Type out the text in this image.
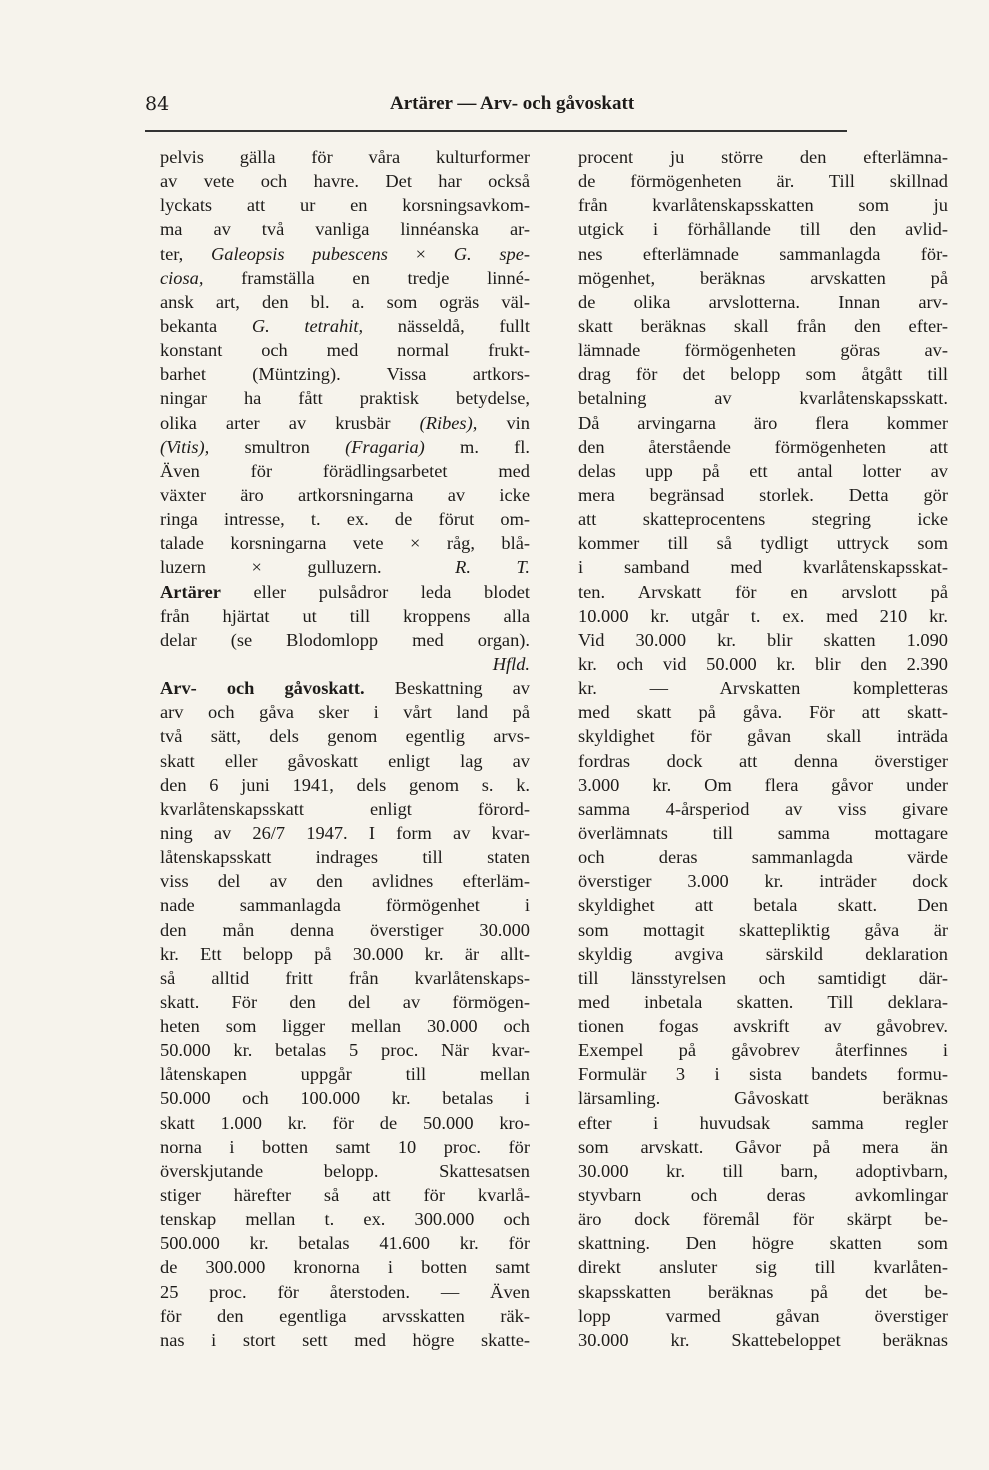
84	Artärer — Arv- och gåvoskatt
pelvis gälla för våra kulturformer
av vete och havre. Det har också
lyckats att ur en korsningsavkom-
ma av två vanliga linnéanska ar-
ter, Galeopsis pubescens × G. spe-
ciosa, framställa en tredje linné-
ansk art, den bl. a. som ogräs väl-
bekanta G. tetrahit, nässeldå, fullt
konstant och med normal frukt-
barhet (Müntzing). Vissa artkors-
ningar ha fått praktisk betydelse,
olika arter av krusbär (Ribes), vin
(Vitis), smultron (Fragaria) m. fl.
Även för förädlingsarbetet med
växter äro artkorsningarna av icke
ringa intresse, t. ex. de förut om-
talade korsningarna vete × råg, blå-
luzern × gulluzern.    	R. T.
Artärer eller pulsådror leda blodet
från hjärtat ut till kroppens alla
delar (se Blodomlopp med organ).
Hfld.
Arv- och gåvoskatt. Beskattning av
arv och gåva sker i vårt land på
två sätt, dels genom egentlig arvs-
skatt eller gåvoskatt enligt lag av
den 6 juni 1941, dels genom s. k.
kvarlåtenskapsskatt enligt förord-
ning av 26/7 1947. I form av kvar-
låtenskapsskatt indrages till staten
viss del av den avlidnes efterläm-
nade sammanlagda förmögenhet i
den mån denna överstiger 30.000
kr. Ett belopp på 30.000 kr. är allt-
så alltid fritt från kvarlåtenskaps-
skatt. För den del av förmögen-
heten som ligger mellan 30.000 och
50.000 kr. betalas 5 proc. När kvar-
låtenskapen uppgår till mellan
50.000 och 100.000 kr. betalas i
skatt 1.000 kr. för de 50.000 kro-
norna i botten samt 10 proc. för
överskjutande belopp. Skattesatsen
stiger härefter så att för kvarlå-
tenskap mellan t. ex. 300.000 och
500.000 kr. betalas 41.600 kr. för
de 300.000 kronorna i botten samt
25 proc. för återstoden. — Även
för den egentliga arvsskatten räk-
nas i stort sett med högre skatte-
procent ju större den efterlämna-
de förmögenheten är. Till skillnad
från kvarlåtenskapsskatten som ju
utgick i förhållande till den avlid-
nes efterlämnade sammanlagda för-
mögenhet, beräknas arvskatten på
de olika arvslotterna. Innan arv-
skatt beräknas skall från den efter-
lämnade förmögenheten göras av-
drag för det belopp som åtgått till
betalning av kvarlåtenskapsskatt.
Då arvingarna äro flera kommer
den återstående förmögenheten att
delas upp på ett antal lotter av
mera begränsad storlek. Detta gör
att skatteprocentens stegring icke
kommer till så tydligt uttryck som
i samband med kvarlåtenskapsskat-
ten. Arvskatt för en arvslott på
10.000 kr. utgår t. ex. med 210 kr.
Vid 30.000 kr. blir skatten 1.090
kr. och vid 50.000 kr. blir den 2.390
kr. — Arvskatten kompletteras
med skatt på gåva. För att skatt-
skyldighet för gåvan skall inträda
fordras dock att denna överstiger
3.000 kr. Om flera gåvor under
samma 4-årsperiod av viss givare
överlämnats till samma mottagare
och deras sammanlagda värde
överstiger 3.000 kr. inträder dock
skyldighet att betala skatt. Den
som mottagit skattepliktig gåva är
skyldig avgiva särskild deklaration
till länsstyrelsen och samtidigt där-
med inbetala skatten. Till deklara-
tionen fogas avskrift av gåvobrev.
Exempel på gåvobrev återfinnes i
Formulär 3 i sista bandets formu-
lärsamling. Gåvoskatt beräknas
efter i huvudsak samma regler
som arvskatt. Gåvor på mera än
30.000 kr. till barn, adoptivbarn,
styvbarn och deras avkomlingar
äro dock föremål för skärpt be-
skattning. Den högre skatten som
direkt ansluter sig till kvarlåten-
skapsskatten beräknas på det be-
lopp varmed gåvan överstiger
30.000 kr. Skattebeloppet beräknas
